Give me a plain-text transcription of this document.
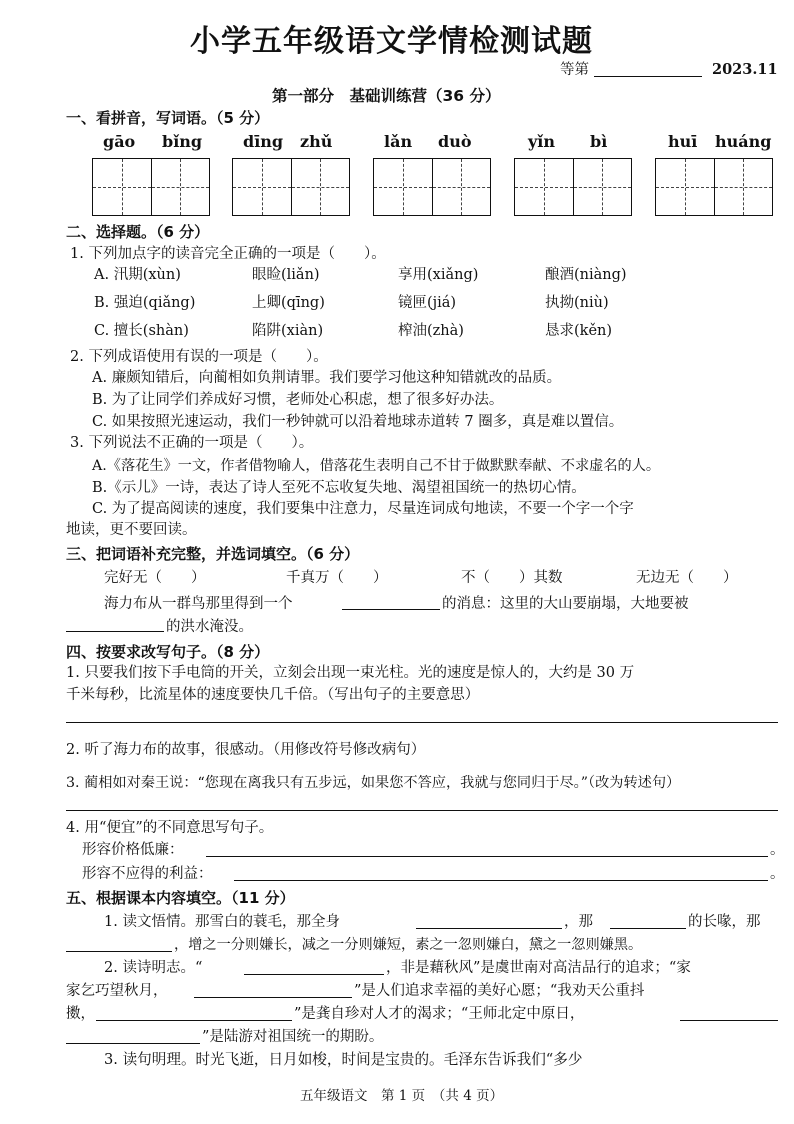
小学五年级语文学情检测试题
等第	2023.11
第一部分　基础训练营（36 分）
一、看拼音，写词语。（5 分）
gāo bǐng	dīng zhǔ	lǎn duò	yǐn bì	huī huáng
二、选择题。（6 分）
1. 下列加点字的读音完全正确的一项是（　　）。
A. 汛期(xùn)	眼睑(liǎn)	享用(xiǎng)	酿酒(niàng)
B. 强迫(qiǎng)	上卿(qīng)	镜匣(jiá)	执拗(niù)
C. 擅长(shàn)	陷阱(xiàn)	榨油(zhà)	恳求(kěn)
2. 下列成语使用有误的一项是（　　）。
A. 廉颇知错后，向蔺相如负荆请罪。我们要学习他这种知错就改的品质。
B. 为了让同学们养成好习惯，老师处心积虑，想了很多好办法。
C. 如果按照光速运动，我们一秒钟就可以沿着地球赤道转 7 圈多，真是难以置信。
3. 下列说法不正确的一项是（　　）。
A.《落花生》一文，作者借物喻人，借落花生表明自己不甘于做默默奉献、不求虚名的人。
B.《示儿》一诗，表达了诗人至死不忘收复失地、渴望祖国统一的热切心情。
C. 为了提高阅读的速度，我们要集中注意力，尽量连词成句地读，不要一个字一个字
地读，更不要回读。
三、把词语补充完整，并选词填空。（6 分）
完好无（　　）	千真万（　　）	不（　　）其数	无边无（　　）
海力布从一群鸟那里得到一个	的消息：这里的大山要崩塌，大地要被
的洪水淹没。
四、按要求改写句子。（8 分）
1. 只要我们按下手电筒的开关，立刻会出现一束光柱。光的速度是惊人的，大约是 30 万
千米每秒，比流星体的速度要快几千倍。（写出句子的主要意思）
2. 听了海力布的故事，很感动。（用修改符号修改病句）
3. 蔺相如对秦王说：“您现在离我只有五步远，如果您不答应，我就与您同归于尽。”（改为转述句）
4. 用“便宜”的不同意思写句子。
形容价格低廉：	。
形容不应得的利益：	。
五、根据课本内容填空。（11 分）
1. 读文悟情。那雪白的蓑毛，那全身	，那	的长喙，那
，增之一分则嫌长，减之一分则嫌短，素之一忽则嫌白，黛之一忽则嫌黑。
2. 读诗明志。“	，非是藉秋风”是虞世南对高洁品行的追求；“家
家乞巧望秋月，	”是人们追求幸福的美好心愿；“我劝天公重抖
擞，	”是龚自珍对人才的渴求；“王师北定中原日，
”是陆游对祖国统一的期盼。
3. 读句明理。时光飞逝，日月如梭，时间是宝贵的。毛泽东告诉我们“多少
五年级语文　第 1 页　（共 4 页）
